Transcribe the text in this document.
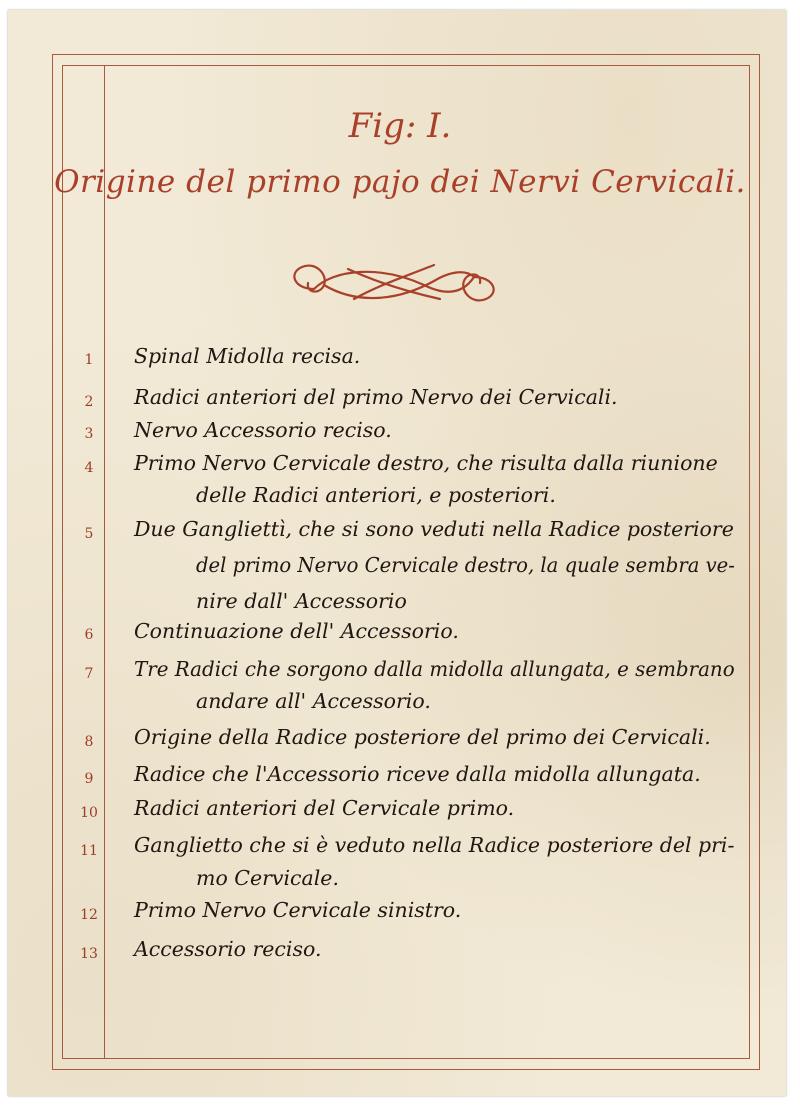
Fig: I.
Origine del primo pajo dei Nervi Cervicali.
1
2
3
4
5
6
7
8
9
10
11
12
13
Spinal Midolla recisa.
Radici anteriori del primo Nervo dei Cervicali.
Nervo Accessorio reciso.
Primo Nervo Cervicale destro, che risulta dalla riunione
delle Radici anteriori, e posteriori.
Due Gangliettì, che si sono veduti nella Radice posteriore
del primo Nervo Cervicale destro, la quale sembra ve-
nire dall' Accessorio
Continuazione dell' Accessorio.
Tre Radici che sorgono dalla midolla allungata, e sembrano
andare all' Accessorio.
Origine della Radice posteriore del primo dei Cervicali.
Radice che l'Accessorio riceve dalla midolla allungata.
Radici anteriori del Cervicale primo.
Ganglietto che si è veduto nella Radice posteriore del pri-
mo Cervicale.
Primo Nervo Cervicale sinistro.
Accessorio reciso.
